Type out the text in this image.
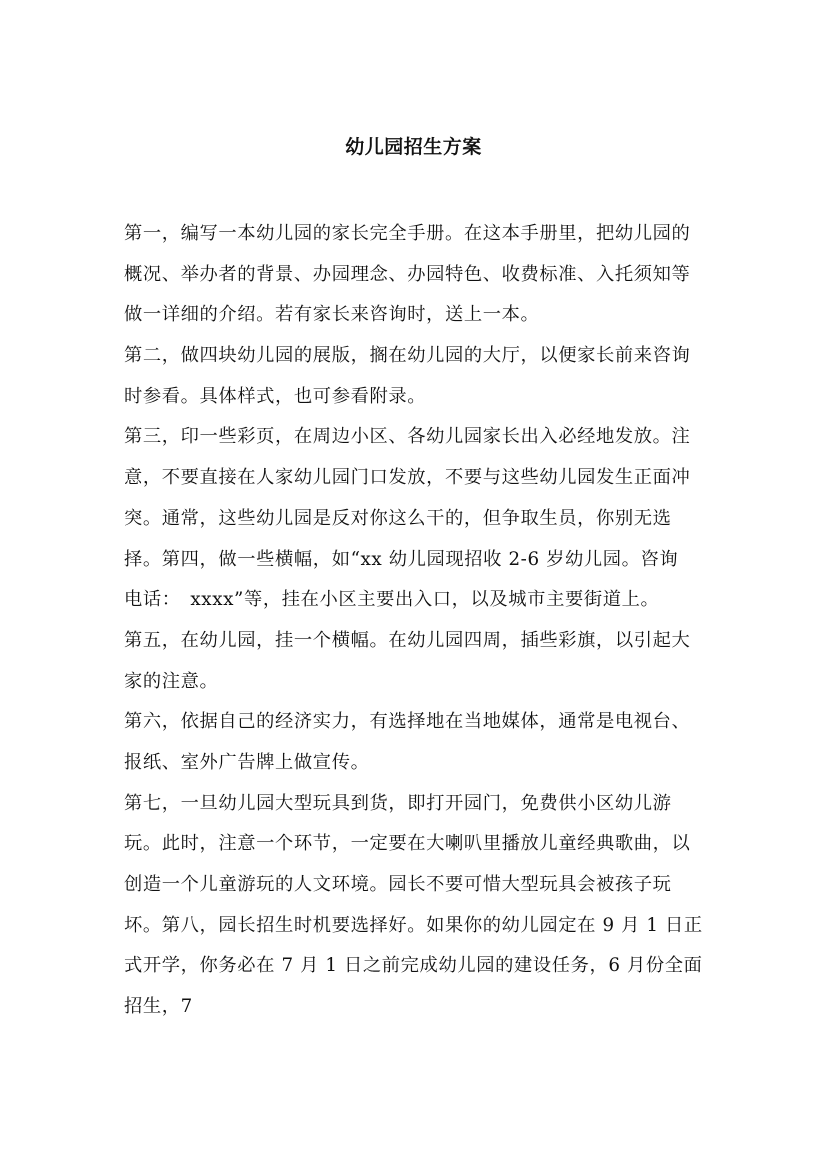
幼儿园招生方案
第一，编写一本幼儿园的家长完全手册。在这本手册里，把幼儿园的
概况、举办者的背景、办园理念、办园特色、收费标准、入托须知等
做一详细的介绍。若有家长来咨询时，送上一本。
第二，做四块幼儿园的展版，搁在幼儿园的大厅，以便家长前来咨询
时参看。具体样式，也可参看附录。
第三，印一些彩页，在周边小区、各幼儿园家长出入必经地发放。注
意，不要直接在人家幼儿园门口发放，不要与这些幼儿园发生正面冲
突。通常，这些幼儿园是反对你这么干的，但争取生员，你别无选
择。第四，做一些横幅，如“xx 幼儿园现招收 2-6 岁幼儿园。咨询
电话：　xxxx”等，挂在小区主要出入口，以及城市主要街道上。
第五，在幼儿园，挂一个横幅。在幼儿园四周，插些彩旗，以引起大
家的注意。
第六，依据自己的经济实力，有选择地在当地媒体，通常是电视台、
报纸、室外广告牌上做宣传。
第七，一旦幼儿园大型玩具到货，即打开园门，免费供小区幼儿游
玩。此时，注意一个环节，一定要在大喇叭里播放儿童经典歌曲，以
创造一个儿童游玩的人文环境。园长不要可惜大型玩具会被孩子玩
坏。第八，园长招生时机要选择好。如果你的幼儿园定在 9 月 1 日正
式开学，你务必在 7 月 1 日之前完成幼儿园的建设任务，6 月份全面
招生，7
